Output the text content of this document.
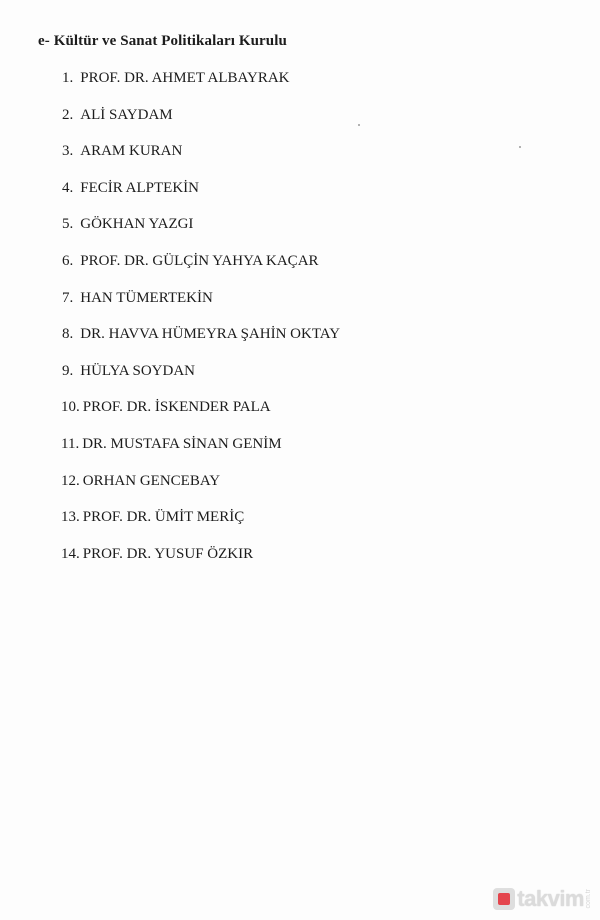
e- Kültür ve Sanat Politikaları Kurulu
1. PROF. DR. AHMET ALBAYRAK
2. ALİ SAYDAM
3. ARAM KURAN
4. FECİR ALPTEKİN
5. GÖKHAN YAZGI
6. PROF. DR. GÜLÇİN YAHYA KAÇAR
7. HAN TÜMERTEKİN
8. DR. HAVVA HÜMEYRA ŞAHİN OKTAY
9. HÜLYA SOYDAN
10. PROF. DR. İSKENDER PALA
11. DR. MUSTAFA SİNAN GENİM
12. ORHAN GENCEBAY
13. PROF. DR. ÜMİT MERİÇ
14. PROF. DR. YUSUF ÖZKIR
takvim com.tr
